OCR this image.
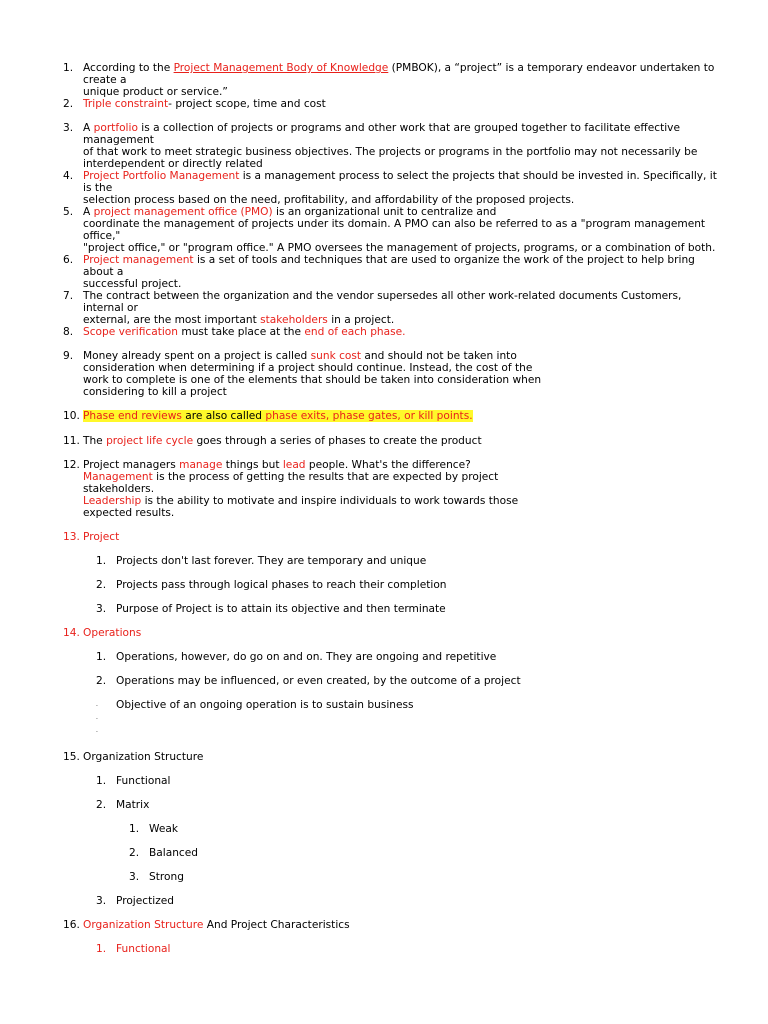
1. According to the Project Management Body of Knowledge (PMBOK), a “project” is a temporary endeavor undertaken to create a
unique product or service.”
2. Triple constraint- project scope, time and cost
3. A portfolio is a collection of projects or programs and other work that are grouped together to facilitate effective management
of that work to meet strategic business objectives. The projects or programs in the portfolio may not necessarily be
interdependent or directly related
4. Project Portfolio Management is a management process to select the projects that should be invested in. Specifically, it is the
selection process based on the need, profitability, and affordability of the proposed projects.
5. A project management office (PMO) is an organizational unit to centralize and
coordinate the management of projects under its domain. A PMO can also be referred to as a "program management office,"
"project office," or "program office." A PMO oversees the management of projects, programs, or a combination of both.
6. Project management is a set of tools and techniques that are used to organize the work of the project to help bring about a
successful project.
7. The contract between the organization and the vendor supersedes all other work-related documents Customers, internal or
external, are the most important stakeholders in a project.
8. Scope verification must take place at the end of each phase.
9. Money already spent on a project is called sunk cost and should not be taken into
consideration when determining if a project should continue. Instead, the cost of the
work to complete is one of the elements that should be taken into consideration when
considering to kill a project
10. Phase end reviews are also called phase exits, phase gates, or kill points.
11. The project life cycle goes through a series of phases to create the product
12. Project managers manage things but lead people. What's the difference?
Management is the process of getting the results that are expected by project
stakeholders.
Leadership is the ability to motivate and inspire individuals to work towards those
expected results.
13. Project
1. Projects don't last forever. They are temporary and unique
2. Projects pass through logical phases to reach their completion
3. Purpose of Project is to attain its objective and then terminate
14. Operations
1. Operations, however, do go on and on. They are ongoing and repetitive
2. Operations may be influenced, or even created, by the outcome of a project
.	Objective of an ongoing operation is to sustain business
.
.
15. Organization Structure
1. Functional
2. Matrix
1. Weak
2. Balanced
3. Strong
3. Projectized
16. Organization Structure And Project Characteristics
1. Functional
